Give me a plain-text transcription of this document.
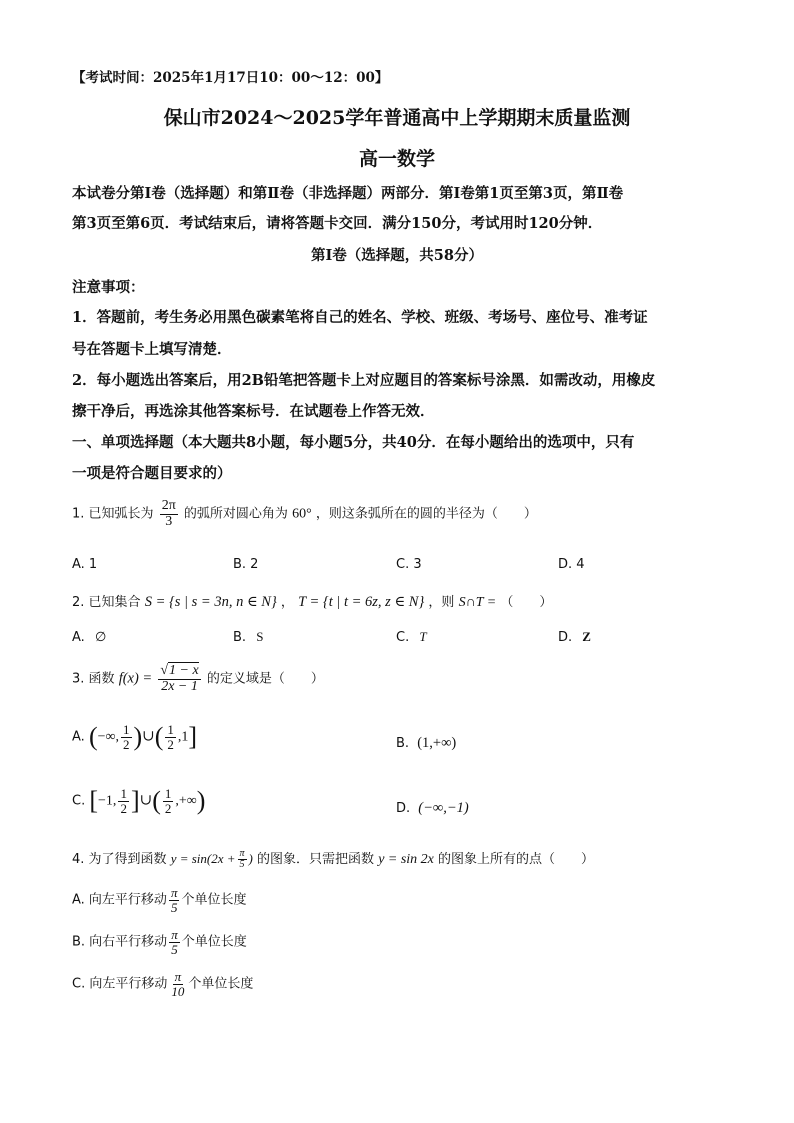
【考试时间：2025年1月17日10：00～12：00】
保山市2024～2025学年普通高中上学期期末质量监测
高一数学
本试卷分第Ⅰ卷（选择题）和第Ⅱ卷（非选择题）两部分．第Ⅰ卷第1页至第3页，第Ⅱ卷
第3页至第6页．考试结束后，请将答题卡交回．满分150分，考试用时120分钟．
第Ⅰ卷（选择题，共58分）
注意事项：
1．答题前，考生务必用黑色碳素笔将自己的姓名、学校、班级、考场号、座位号、准考证
号在答题卡上填写清楚．
2．每小题选出答案后，用2B铅笔把答题卡上对应题目的答案标号涂黑．如需改动，用橡皮
擦干净后，再选涂其他答案标号．在试题卷上作答无效．
一、单项选择题（本大题共8小题，每小题5分，共40分．在每小题给出的选项中，只有
一项是符合题目要求的）
1. 已知弧长为 $\frac{2\pi}{3}$ 的弧所对圆心角为 60° ，则这条弧所在的圆的半径为（　　）
A. 1	B. 2	C. 3	D. 4
2. 已知集合 S = {s | s = 3n, n ∈ N} ， T = {t | t = 6z, z ∈ N} ，则 S∩T = （　　）
A. ∅	B. S	C. T	D. Z
3. 函数 $f(x) = \frac{√1 - x}{2x - 1}$ 的定义域是（　　）
A. (−∞, $\frac{1}{2}$ )∪( $\frac{1}{2} ,1$]	B. (1,+∞)
C. [−1, $\frac{1}{2}$ ]∪( $\frac{1}{2}$ ,+∞)	D. (−∞,−1)
4. 为了得到函数 $y = \sin(2x + \frac{\pi}{5}$ ) 的图象．只需把函数 y = sin 2x 的图象上所有的点（　　）
A. 向左平行移动 $\frac{\pi}{5}$ 个单位长度
B. 向右平行移动 $\frac{\pi}{5}$ 个单位长度
C. 向左平行移动 $\frac{\pi}{10}$ 个单位长度
